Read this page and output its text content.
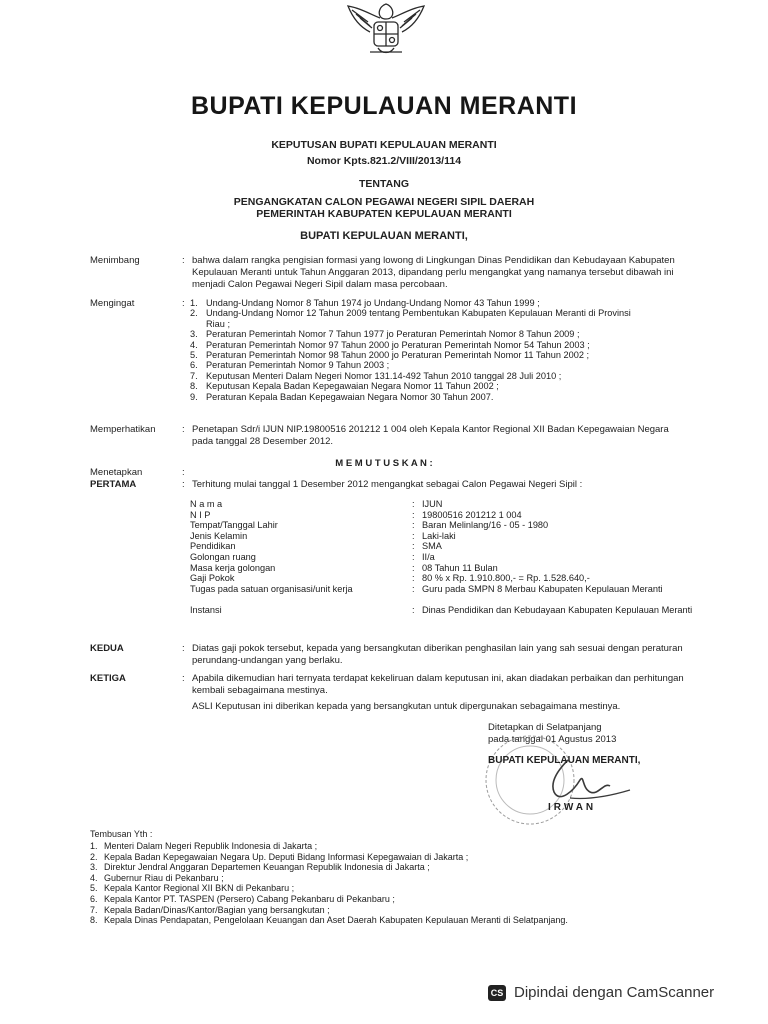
BUPATI KEPULAUAN MERANTI
KEPUTUSAN BUPATI KEPULAUAN MERANTI
Nomor Kpts.821.2/VIII/2013/114
TENTANG
PENGANGKATAN CALON PEGAWAI NEGERI SIPIL DAERAH
PEMERINTAH KABUPATEN KEPULAUAN MERANTI
BUPATI KEPULAUAN MERANTI,
Menimbang	: bahwa dalam rangka pengisian formasi yang lowong di Lingkungan Dinas Pendidikan dan Kebudayaan Kabupaten Kepulauan Meranti untuk Tahun Anggaran 2013, dipandang perlu mengangkat yang namanya tersebut dibawah ini menjadi Calon Pegawai Negeri Sipil dalam masa percobaan.
Mengingat	: 1. Undang-Undang Nomor 8 Tahun 1974 jo Undang-Undang Nomor 43 Tahun 1999 ;
2. Undang-Undang Nomor 12 Tahun 2009 tentang Pembentukan Kabupaten Kepulauan Meranti di Provinsi
Riau ;
3. Peraturan Pemerintah Nomor 7 Tahun 1977 jo Peraturan Pemerintah Nomor 8 Tahun 2009 ;
4. Peraturan Pemerintah Nomor 97 Tahun 2000 jo Peraturan Pemerintah Nomor 54 Tahun 2003 ;
5. Peraturan Pemerintah Nomor 98 Tahun 2000 jo Peraturan Pemerintah Nomor 11 Tahun 2002 ;
6. Peraturan Pemerintah Nomor 9 Tahun 2003 ;
7. Keputusan Menteri Dalam Negeri Nomor 131.14-492 Tahun 2010 tanggal 28 Juli 2010 ;
8. Keputusan Kepala Badan Kepegawaian Negara Nomor 11 Tahun 2002 ;
9. Peraturan Kepala Badan Kepegawaian Negara Nomor 30 Tahun 2007.
Memperhatikan	: Penetapan Sdr/i IJUN NIP.19800516 201212 1 004 oleh Kepala Kantor Regional XII Badan Kepegawaian Negara pada tanggal 28 Desember 2012.
M E M U T U S K A N :
Menetapkan	:
PERTAMA	: Terhitung mulai tanggal 1 Desember 2012 mengangkat sebagai Calon Pegawai Negeri Sipil :
N a m a	: IJUN
N I P	: 19800516 201212 1 004
Tempat/Tanggal Lahir	: Baran Melinlang/16 - 05 - 1980
Jenis Kelamin	: Laki-laki
Pendidikan	: SMA
Golongan ruang	: II/a
Masa kerja golongan	: 08 Tahun 11 Bulan
Gaji Pokok	: 80 % x Rp. 1.910.800,- = Rp. 1.528.640,-
Tugas pada satuan organisasi/unit kerja	: Guru pada SMPN 8 Merbau Kabupaten Kepulauan Meranti
Instansi	: Dinas Pendidikan dan Kebudayaan Kabupaten Kepulauan Meranti
KEDUA	: Diatas gaji pokok tersebut, kepada yang bersangkutan diberikan penghasilan lain yang sah sesuai dengan peraturan perundang-undangan yang berlaku.
KETIGA	: Apabila dikemudian hari ternyata terdapat kekeliruan dalam keputusan ini, akan diadakan perbaikan dan perhitungan kembali sebagaimana mestinya.
ASLI Keputusan ini diberikan kepada yang bersangkutan untuk dipergunakan sebagaimana mestinya.
Ditetapkan di Selatpanjang
pada tanggal 01 Agustus 2013
BUPATI KEPULAUAN MERANTI,
IRWAN
Tembusan Yth :
1. Menteri Dalam Negeri Republik Indonesia di Jakarta ;
2. Kepala Badan Kepegawaian Negara Up. Deputi Bidang Informasi Kepegawaian di Jakarta ;
3. Direktur Jendral Anggaran Departemen Keuangan Republik Indonesia di Jakarta ;
4. Gubernur Riau di Pekanbaru ;
5. Kepala Kantor Regional XII BKN di Pekanbaru ;
6. Kepala Kantor PT. TASPEN (Persero) Cabang Pekanbaru di Pekanbaru ;
7. Kepala Badan/Dinas/Kantor/Bagian yang bersangkutan ;
8. Kepala Dinas Pendapatan, Pengelolaan Keuangan dan Aset Daerah Kabupaten Kepulauan Meranti di Selatpanjang.
CS Dipindai dengan CamScanner
